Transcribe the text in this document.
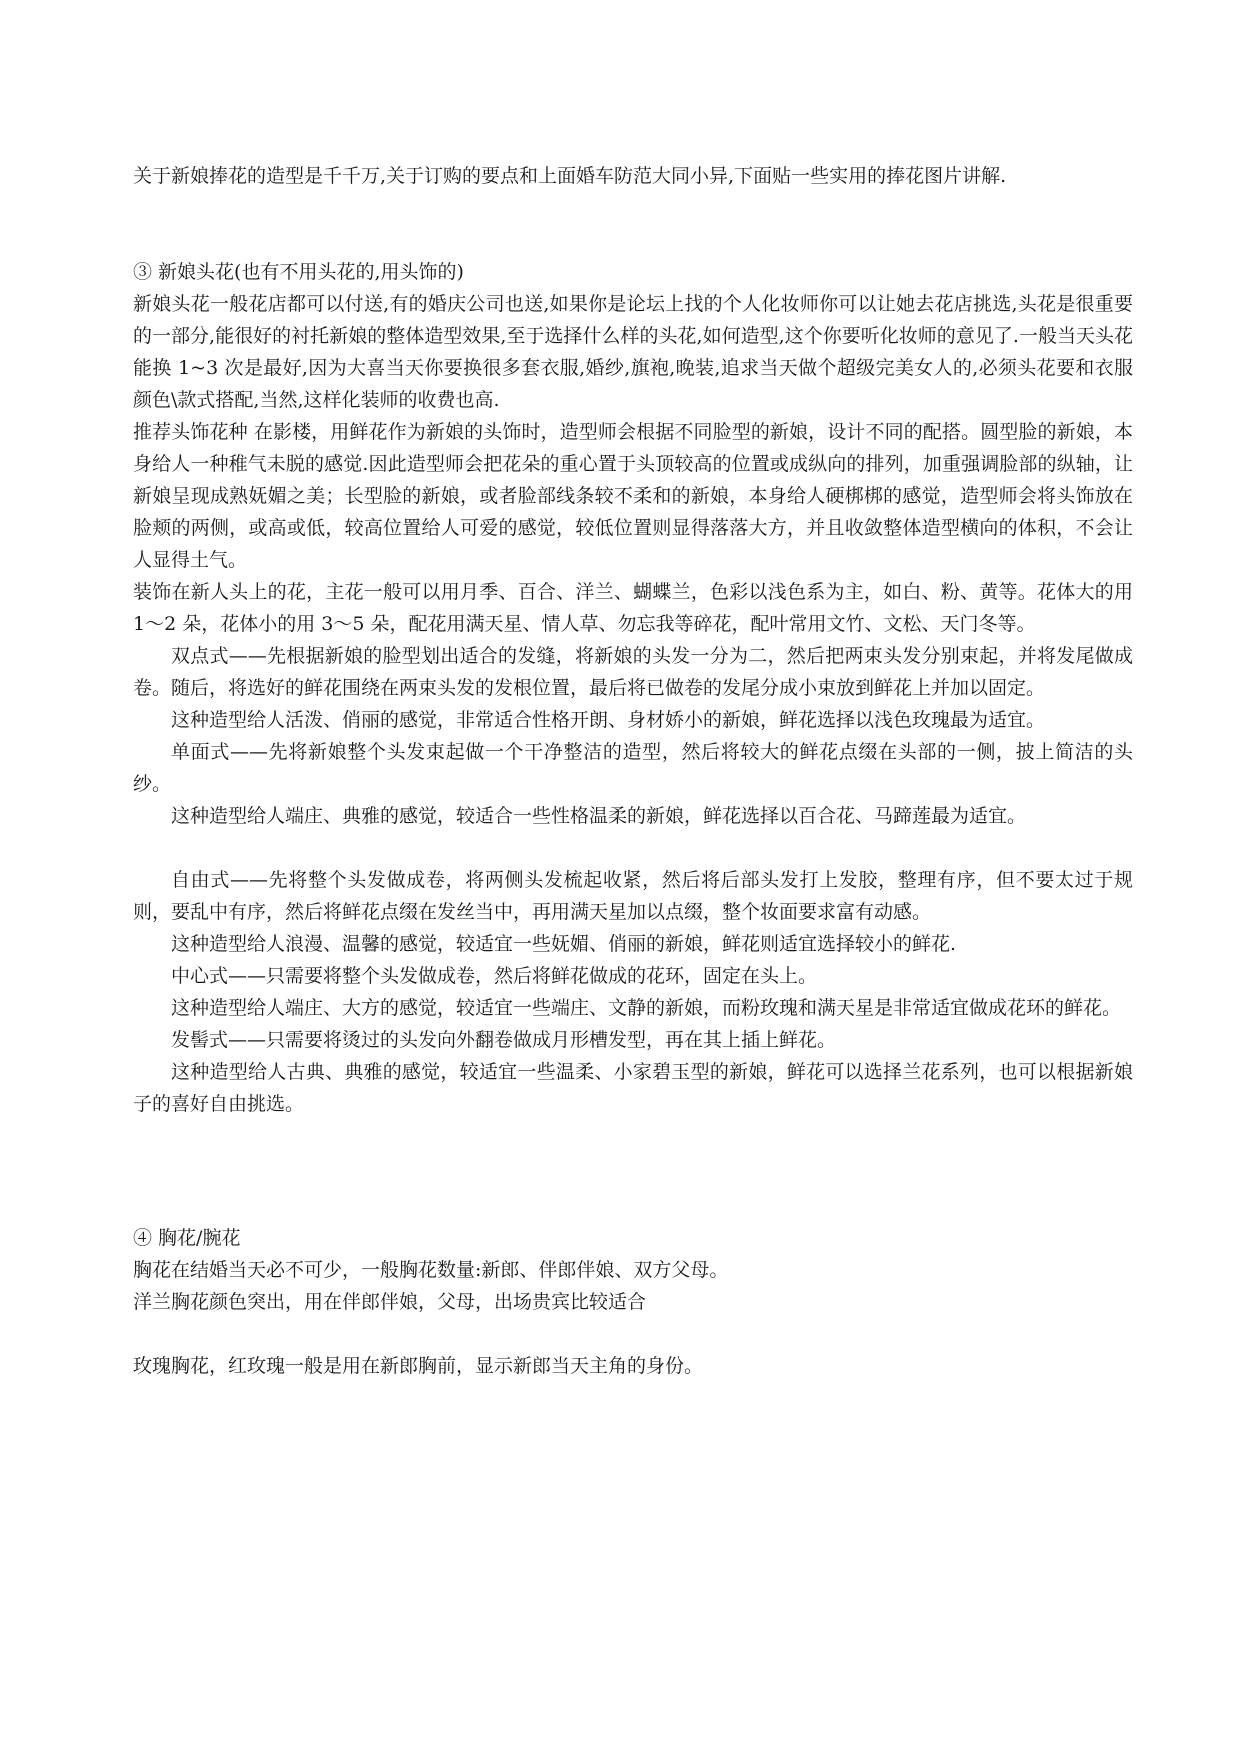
关于新娘捧花的造型是千千万,关于订购的要点和上面婚车防范大同小异,下面贴一些实用的捧花图片讲解.

③ 新娘头花(也有不用头花的,用头饰的)

新娘头花一般花店都可以付送,有的婚庆公司也送,如果你是论坛上找的个人化妆师你可以让她去花店挑选,头花是很重要的一部分,能很好的衬托新娘的整体造型效果,至于选择什么样的头花,如何造型,这个你要听化妆师的意见了.一般当天头花能换 1~3 次是最好,因为大喜当天你要换很多套衣服,婚纱,旗袍,晚装,追求当天做个超级完美女人的,必须头花要和衣服颜色\款式搭配,当然,这样化装师的收费也高.

推荐头饰花种 在影楼，用鲜花作为新娘的头饰时，造型师会根据不同脸型的新娘，设计不同的配搭。圆型脸的新娘，本身给人一种稚气未脱的感觉.因此造型师会把花朵的重心置于头顶较高的位置或成纵向的排列，加重强调脸部的纵轴，让新娘呈现成熟妩媚之美；长型脸的新娘，或者脸部线条较不柔和的新娘，本身给人硬梆梆的感觉，造型师会将头饰放在脸颊的两侧，或高或低，较高位置给人可爱的感觉，较低位置则显得落落大方，并且收敛整体造型横向的体积，不会让人显得土气。

装饰在新人头上的花，主花一般可以用月季、百合、洋兰、蝴蝶兰，色彩以浅色系为主，如白、粉、黄等。花体大的用 1～2 朵，花体小的用 3～5 朵，配花用满天星、情人草、勿忘我等碎花，配叶常用文竹、文松、天门冬等。

双点式——先根据新娘的脸型划出适合的发缝，将新娘的头发一分为二，然后把两束头发分别束起，并将发尾做成卷。随后，将选好的鲜花围绕在两束头发的发根位置，最后将已做卷的发尾分成小束放到鲜花上并加以固定。

这种造型给人活泼、俏丽的感觉，非常适合性格开朗、身材娇小的新娘，鲜花选择以浅色玫瑰最为适宜。

单面式——先将新娘整个头发束起做一个干净整洁的造型，然后将较大的鲜花点缀在头部的一侧，披上简洁的头纱。

这种造型给人端庄、典雅的感觉，较适合一些性格温柔的新娘，鲜花选择以百合花、马蹄莲最为适宜。

自由式——先将整个头发做成卷，将两侧头发梳起收紧，然后将后部头发打上发胶，整理有序，但不要太过于规则，要乱中有序，然后将鲜花点缀在发丝当中，再用满天星加以点缀，整个妆面要求富有动感。

这种造型给人浪漫、温馨的感觉，较适宜一些妩媚、俏丽的新娘，鲜花则适宜选择较小的鲜花.

中心式——只需要将整个头发做成卷，然后将鲜花做成的花环，固定在头上。

这种造型给人端庄、大方的感觉，较适宜一些端庄、文静的新娘，而粉玫瑰和满天星是非常适宜做成花环的鲜花。

发髻式——只需要将烫过的头发向外翻卷做成月形槽发型，再在其上插上鲜花。

这种造型给人古典、典雅的感觉，较适宜一些温柔、小家碧玉型的新娘，鲜花可以选择兰花系列，也可以根据新娘子的喜好自由挑选。

④ 胸花/腕花

胸花在结婚当天必不可少，一般胸花数量:新郎、伴郎伴娘、双方父母。

洋兰胸花颜色突出，用在伴郎伴娘，父母，出场贵宾比较适合

玫瑰胸花，红玫瑰一般是用在新郎胸前，显示新郎当天主角的身份。
